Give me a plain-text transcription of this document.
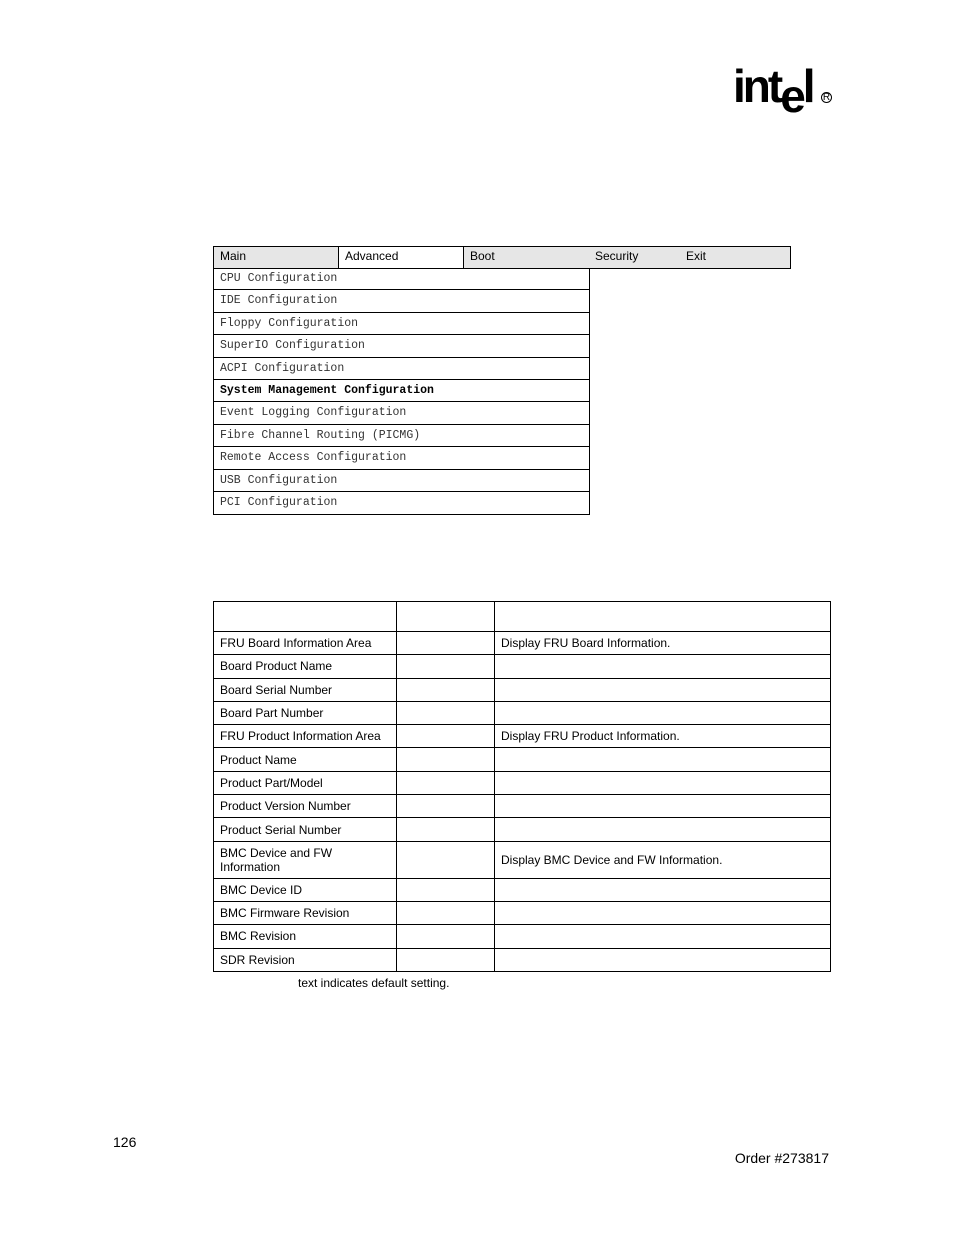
intel R
Main	Advanced	Boot	Security	Exit
CPU Configuration
IDE Configuration
Floppy Configuration
SuperIO Configuration
ACPI Configuration
System Management Configuration
Event Logging Configuration
Fibre Channel Routing (PICMG)
Remote Access Configuration
USB Configuration
PCI Configuration

FRU Board Information Area		Display FRU Board Information.
Board Product Name		
Board Serial Number		
Board Part Number		
FRU Product Information Area		Display FRU Product Information.
Product Name		
Product Part/Model		
Product Version Number		
Product Serial Number		
BMC Device and FW Information		Display BMC Device and FW Information.
BMC Device ID		
BMC Firmware Revision		
BMC Revision		
SDR Revision		
text indicates default setting.
126
Order #273817
